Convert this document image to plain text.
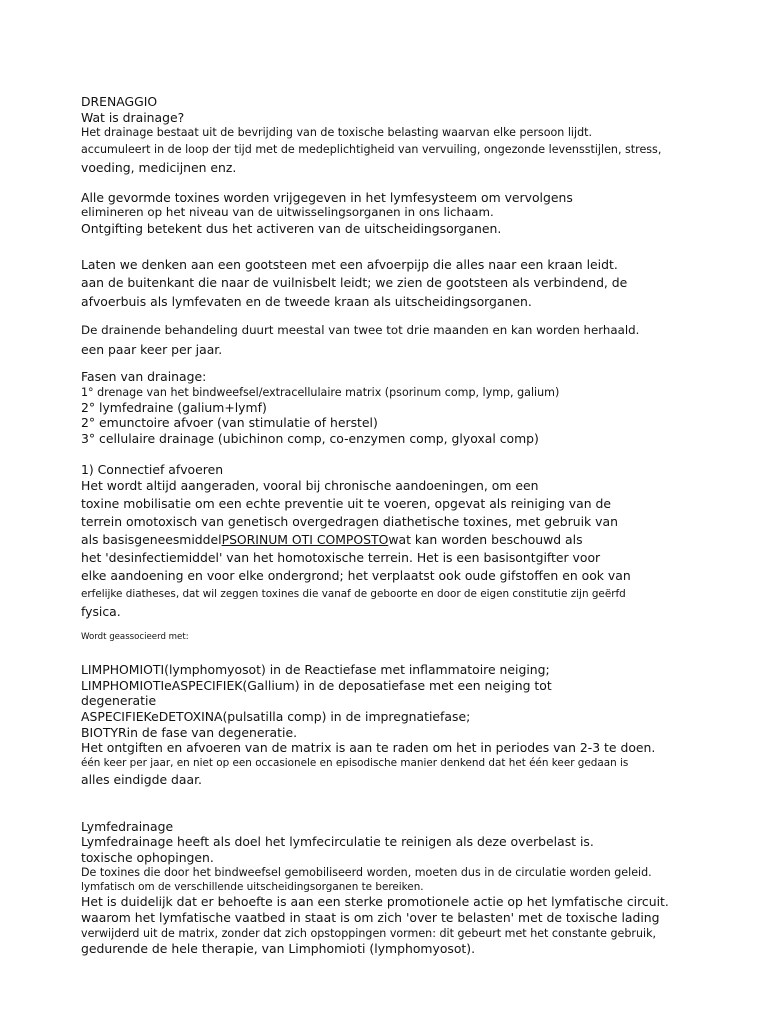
DRENAGGIO
Wat is drainage?
Het drainage bestaat uit de bevrijding van de toxische belasting waarvan elke persoon lijdt.
accumuleert in de loop der tijd met de medeplichtigheid van vervuiling, ongezonde levensstijlen, stress,
voeding, medicijnen enz.
Alle gevormde toxines worden vrijgegeven in het lymfesysteem om vervolgens
elimineren op het niveau van de uitwisselingsorganen in ons lichaam.
Ontgifting betekent dus het activeren van de uitscheidingsorganen.
Laten we denken aan een gootsteen met een afvoerpijp die alles naar een kraan leidt.
aan de buitenkant die naar de vuilnisbelt leidt; we zien de gootsteen als verbindend, de
afvoerbuis als lymfevaten en de tweede kraan als uitscheidingsorganen.
De drainende behandeling duurt meestal van twee tot drie maanden en kan worden herhaald.
een paar keer per jaar.
Fasen van drainage:
1° drenage van het bindweefsel/extracellulaire matrix (psorinum comp, lymp, galium)
2° lymfedraine (galium+lymf)
2° emunctoire afvoer (van stimulatie of herstel)
3° cellulaire drainage (ubichinon comp, co-enzymen comp, glyoxal comp)
1) Connectief afvoeren
Het wordt altijd aangeraden, vooral bij chronische aandoeningen, om een
toxine mobilisatie om een echte preventie uit te voeren, opgevat als reiniging van de
terrein omotoxisch van genetisch overgedragen diathetische toxines, met gebruik van
als basisgeneesmiddelPSORINUM OTI COMPOSTOwat kan worden beschouwd als
het 'desinfectiemiddel' van het homotoxische terrein. Het is een basisontgifter voor
elke aandoening en voor elke ondergrond; het verplaatst ook oude gifstoffen en ook van
erfelijke diatheses, dat wil zeggen toxines die vanaf de geboorte en door de eigen constitutie zijn geërfd
fysica.
Wordt geassocieerd met:
LIMPHOMIOTI(lymphomyosot) in de Reactiefase met inflammatoire neiging;
LIMPHOMIOTIeASPECIFIEK(Gallium) in de deposatiefase met een neiging tot
degeneratie
ASPECIFIEKeDETOXINA(pulsatilla comp) in de impregnatiefase;
BIOTYRin de fase van degeneratie.
Het ontgiften en afvoeren van de matrix is aan te raden om het in periodes van 2-3 te doen.
één keer per jaar, en niet op een occasionele en episodische manier denkend dat het één keer gedaan is
alles eindigde daar.
Lymfedrainage
Lymfedrainage heeft als doel het lymfecirculatie te reinigen als deze overbelast is.
toxische ophopingen.
De toxines die door het bindweefsel gemobiliseerd worden, moeten dus in de circulatie worden geleid.
lymfatisch om de verschillende uitscheidingsorganen te bereiken.
Het is duidelijk dat er behoefte is aan een sterke promotionele actie op het lymfatische circuit.
waarom het lymfatische vaatbed in staat is om zich 'over te belasten' met de toxische lading
verwijderd uit de matrix, zonder dat zich opstoppingen vormen: dit gebeurt met het constante gebruik,
gedurende de hele therapie, van Limphomioti (lymphomyosot).
